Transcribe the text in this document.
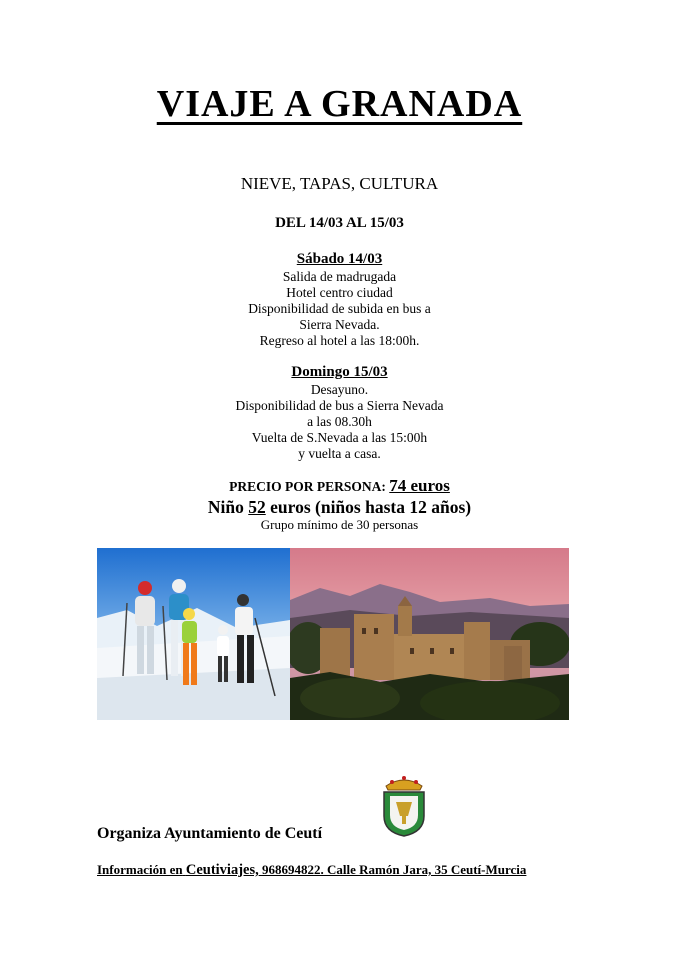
VIAJE A GRANADA
NIEVE, TAPAS, CULTURA
DEL 14/03 AL 15/03
Sábado 14/03
Salida de madrugada
Hotel centro ciudad
Disponibilidad de subida en bus a
Sierra Nevada.
Regreso al hotel a las 18:00h.
Domingo 15/03
Desayuno.
Disponibilidad de bus a Sierra Nevada
a las 08.30h
Vuelta de S.Nevada a las 15:00h
y vuelta a casa.
PRECIO POR PERSONA: 74 euros
Niño 52 euros (niños hasta 12 años)
Grupo mínimo de 30 personas
Organiza Ayuntamiento de Ceutí
Información en Ceutiviajes, 968694822. Calle Ramón Jara, 35 Ceutí-Murcia
